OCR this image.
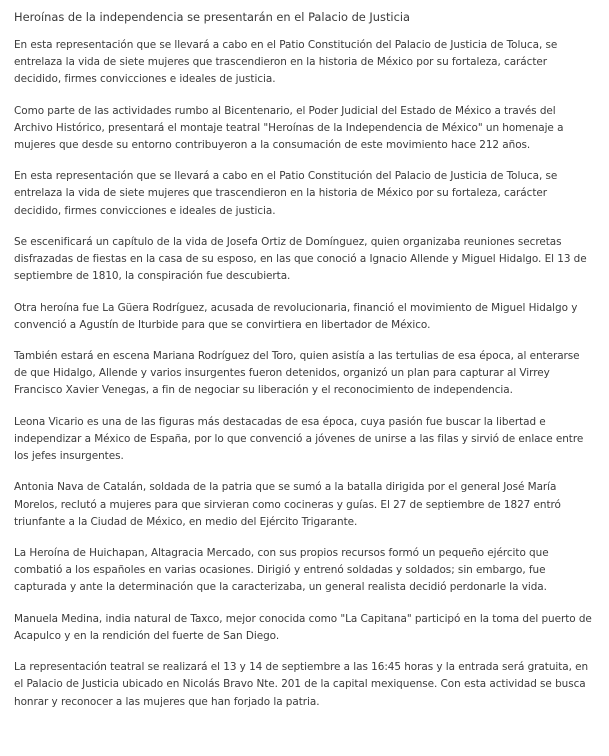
Heroínas de la independencia se presentarán en el Palacio de Justicia

En esta representación que se llevará a cabo en el Patio Constitución del Palacio de Justicia de Toluca, se entrelaza la vida de siete mujeres que trascendieron en la historia de México por su fortaleza, carácter decidido, firmes convicciones e ideales de justicia.

Como parte de las actividades rumbo al Bicentenario, el Poder Judicial del Estado de México a través del Archivo Histórico, presentará el montaje teatral "Heroínas de la Independencia de México" un homenaje a mujeres que desde su entorno contribuyeron a la consumación de este movimiento hace 212 años.

En esta representación que se llevará a cabo en el Patio Constitución del Palacio de Justicia de Toluca, se entrelaza la vida de siete mujeres que trascendieron en la historia de México por su fortaleza, carácter decidido, firmes convicciones e ideales de justicia.

Se escenificará un capítulo de la vida de Josefa Ortiz de Domínguez, quien organizaba reuniones secretas disfrazadas de fiestas en la casa de su esposo, en las que conoció a Ignacio Allende y Miguel Hidalgo. El 13 de septiembre de 1810, la conspiración fue descubierta.

Otra heroína fue La Güera Rodríguez, acusada de revolucionaria, financió el movimiento de Miguel Hidalgo y convenció a Agustín de Iturbide para que se convirtiera en libertador de México.

También estará en escena Mariana Rodríguez del Toro, quien asistía a las tertulias de esa época, al enterarse de que Hidalgo, Allende y varios insurgentes fueron detenidos, organizó un plan para capturar al Virrey Francisco Xavier Venegas, a fin de negociar su liberación y el reconocimiento de independencia.

Leona Vicario es una de las figuras más destacadas de esa época, cuya pasión fue buscar la libertad e independizar a México de España, por lo que convenció a jóvenes de unirse a las filas y sirvió de enlace entre los jefes insurgentes.

Antonia Nava de Catalán, soldada de la patria que se sumó a la batalla dirigida por el general José María Morelos, reclutó a mujeres para que sirvieran como cocineras y guías. El 27 de septiembre de 1827 entró triunfante a la Ciudad de México, en medio del Ejército Trigarante.

La Heroína de Huichapan, Altagracia Mercado, con sus propios recursos formó un pequeño ejército que combatió a los españoles en varias ocasiones. Dirigió y entrenó soldadas y soldados; sin embargo, fue capturada y ante la determinación que la caracterizaba, un general realista decidió perdonarle la vida.

Manuela Medina, india natural de Taxco, mejor conocida como "La Capitana" participó en la toma del puerto de Acapulco y en la rendición del fuerte de San Diego.

La representación teatral se realizará el 13 y 14 de septiembre a las 16:45 horas y la entrada será gratuita, en el Palacio de Justicia ubicado en Nicolás Bravo Nte. 201 de la capital mexiquense. Con esta actividad se busca honrar y reconocer a las mujeres que han forjado la patria.
